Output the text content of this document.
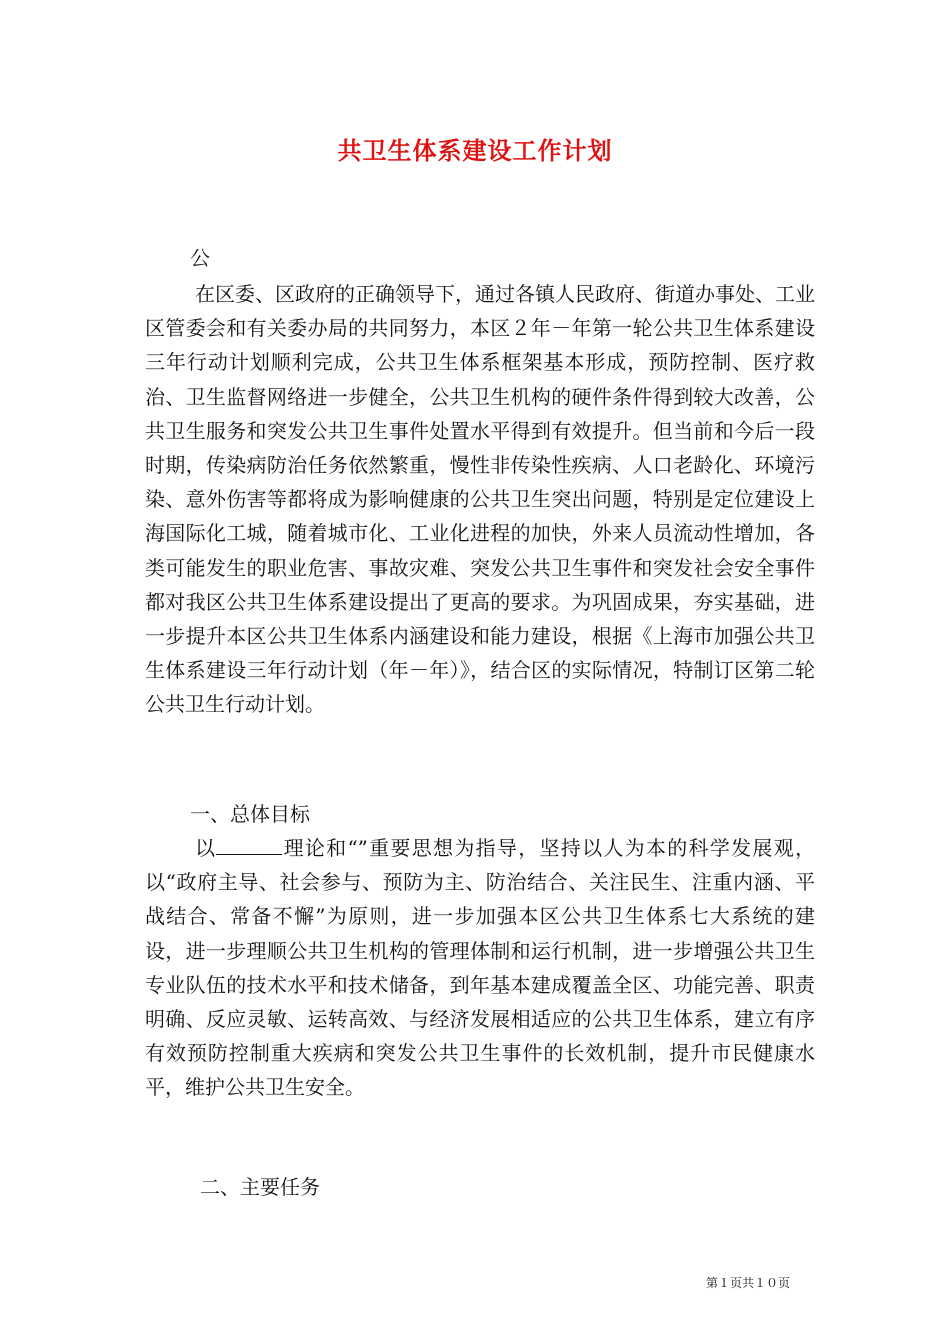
共卫生体系建设工作计划

公

在区委、区政府的正确领导下，通过各镇人民政府、街道办事处、工业区管委会和有关委办局的共同努力，本区２年－年第一轮公共卫生体系建设三年行动计划顺利完成，公共卫生体系框架基本形成，预防控制、医疗救治、卫生监督网络进一步健全，公共卫生机构的硬件条件得到较大改善，公共卫生服务和突发公共卫生事件处置水平得到有效提升。但当前和今后一段时期，传染病防治任务依然繁重，慢性非传染性疾病、人口老龄化、环境污染、意外伤害等都将成为影响健康的公共卫生突出问题，特别是定位建设上海国际化工城，随着城市化、工业化进程的加快，外来人员流动性增加，各类可能发生的职业危害、事故灾难、突发公共卫生事件和突发社会安全事件都对我区公共卫生体系建设提出了更高的要求。为巩固成果，夯实基础，进一步提升本区公共卫生体系内涵建设和能力建设，根据《上海市加强公共卫生体系建设三年行动计划（年－年）》，结合区的实际情况，特制订区第二轮公共卫生行动计划。

一、总体目标

以	理论和“”重要思想为指导，坚持以人为本的科学发展观，以“政府主导、社会参与、预防为主、防治结合、关注民生、注重内涵、平战结合、常备不懈”为原则，进一步加强本区公共卫生体系七大系统的建设，进一步理顺公共卫生机构的管理体制和运行机制，进一步增强公共卫生专业队伍的技术水平和技术储备，到年基本建成覆盖全区、功能完善、职责明确、反应灵敏、运转高效、与经济发展相适应的公共卫生体系，建立有序有效预防控制重大疾病和突发公共卫生事件的长效机制，提升市民健康水平，维护公共卫生安全。

二、主要任务

第１页共１０页
